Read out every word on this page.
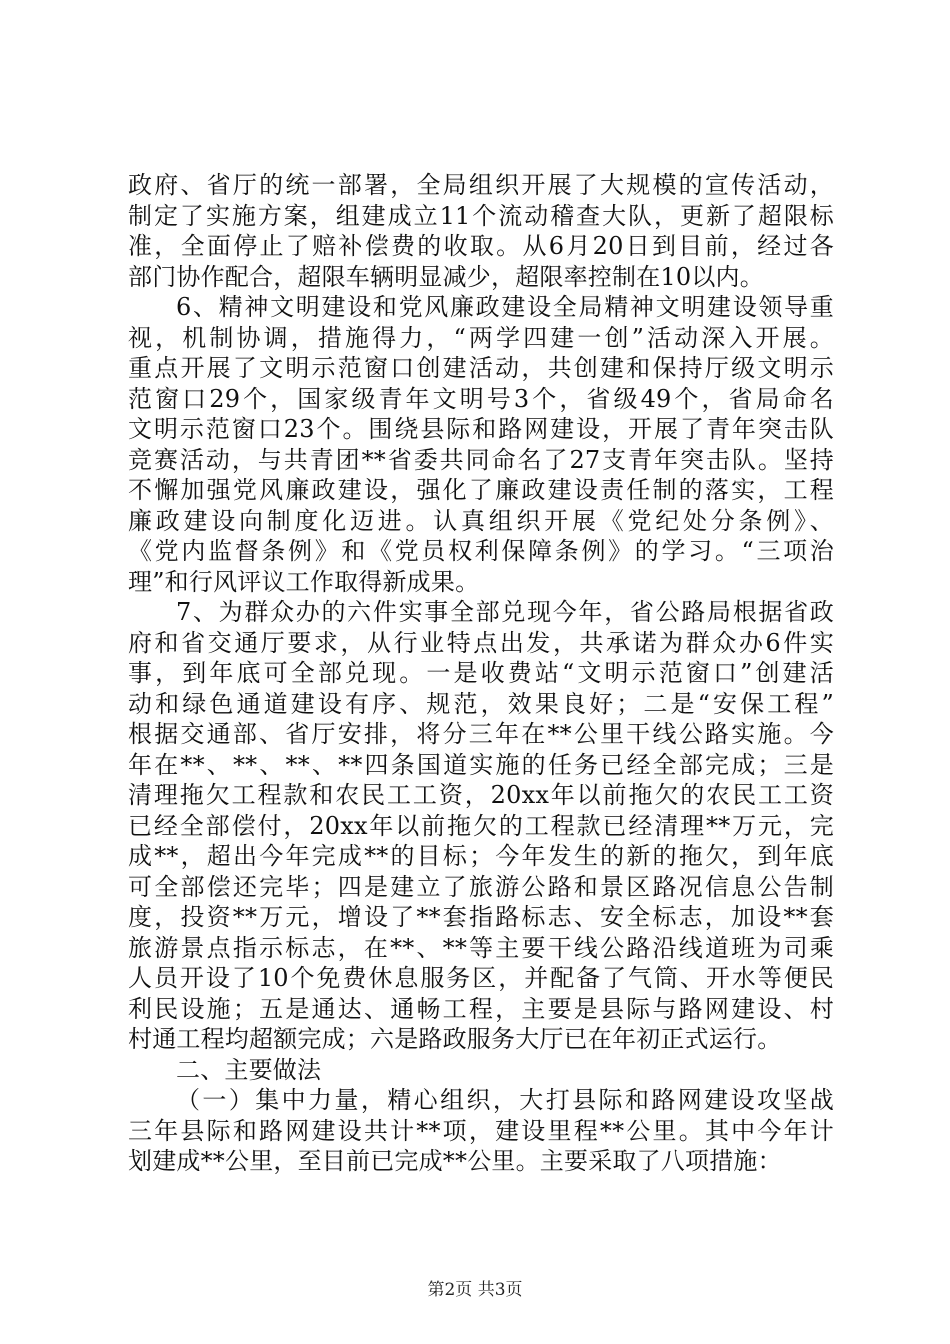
政府、省厅的统一部署，全局组织开展了大规模的宣传活动，
制定了实施方案，组建成立11个流动稽查大队，更新了超限标
准，全面停止了赔补偿费的收取。从6月20日到目前，经过各
部门协作配合，超限车辆明显减少，超限率控制在10以内。
6、精神文明建设和党风廉政建设全局精神文明建设领导重
视，机制协调，措施得力，“两学四建一创”活动深入开展。
重点开展了文明示范窗口创建活动，共创建和保持厅级文明示
范窗口29个，国家级青年文明号3个，省级49个，省局命名
文明示范窗口23个。围绕县际和路网建设，开展了青年突击队
竞赛活动，与共青团**省委共同命名了27支青年突击队。坚持
不懈加强党风廉政建设，强化了廉政建设责任制的落实，工程
廉政建设向制度化迈进。认真组织开展《党纪处分条例》、
《党内监督条例》和《党员权利保障条例》的学习。“三项治
理”和行风评议工作取得新成果。
7、为群众办的六件实事全部兑现今年，省公路局根据省政
府和省交通厅要求，从行业特点出发，共承诺为群众办6件实
事，到年底可全部兑现。一是收费站“文明示范窗口”创建活
动和绿色通道建设有序、规范，效果良好；二是“安保工程”
根据交通部、省厅安排，将分三年在**公里干线公路实施。今
年在**、**、**、**四条国道实施的任务已经全部完成；三是
清理拖欠工程款和农民工工资，20xx年以前拖欠的农民工工资
已经全部偿付，20xx年以前拖欠的工程款已经清理**万元，完
成**，超出今年完成**的目标；今年发生的新的拖欠，到年底
可全部偿还完毕；四是建立了旅游公路和景区路况信息公告制
度，投资**万元，增设了**套指路标志、安全标志，加设**套
旅游景点指示标志，在**、**等主要干线公路沿线道班为司乘
人员开设了10个免费休息服务区，并配备了气筒、开水等便民
利民设施；五是通达、通畅工程，主要是县际与路网建设、村
村通工程均超额完成；六是路政服务大厅已在年初正式运行。
二、主要做法
（一）集中力量，精心组织，大打县际和路网建设攻坚战
三年县际和路网建设共计**项，建设里程**公里。其中今年计
划建成**公里，至目前已完成**公里。主要采取了八项措施：
第2页 共3页
